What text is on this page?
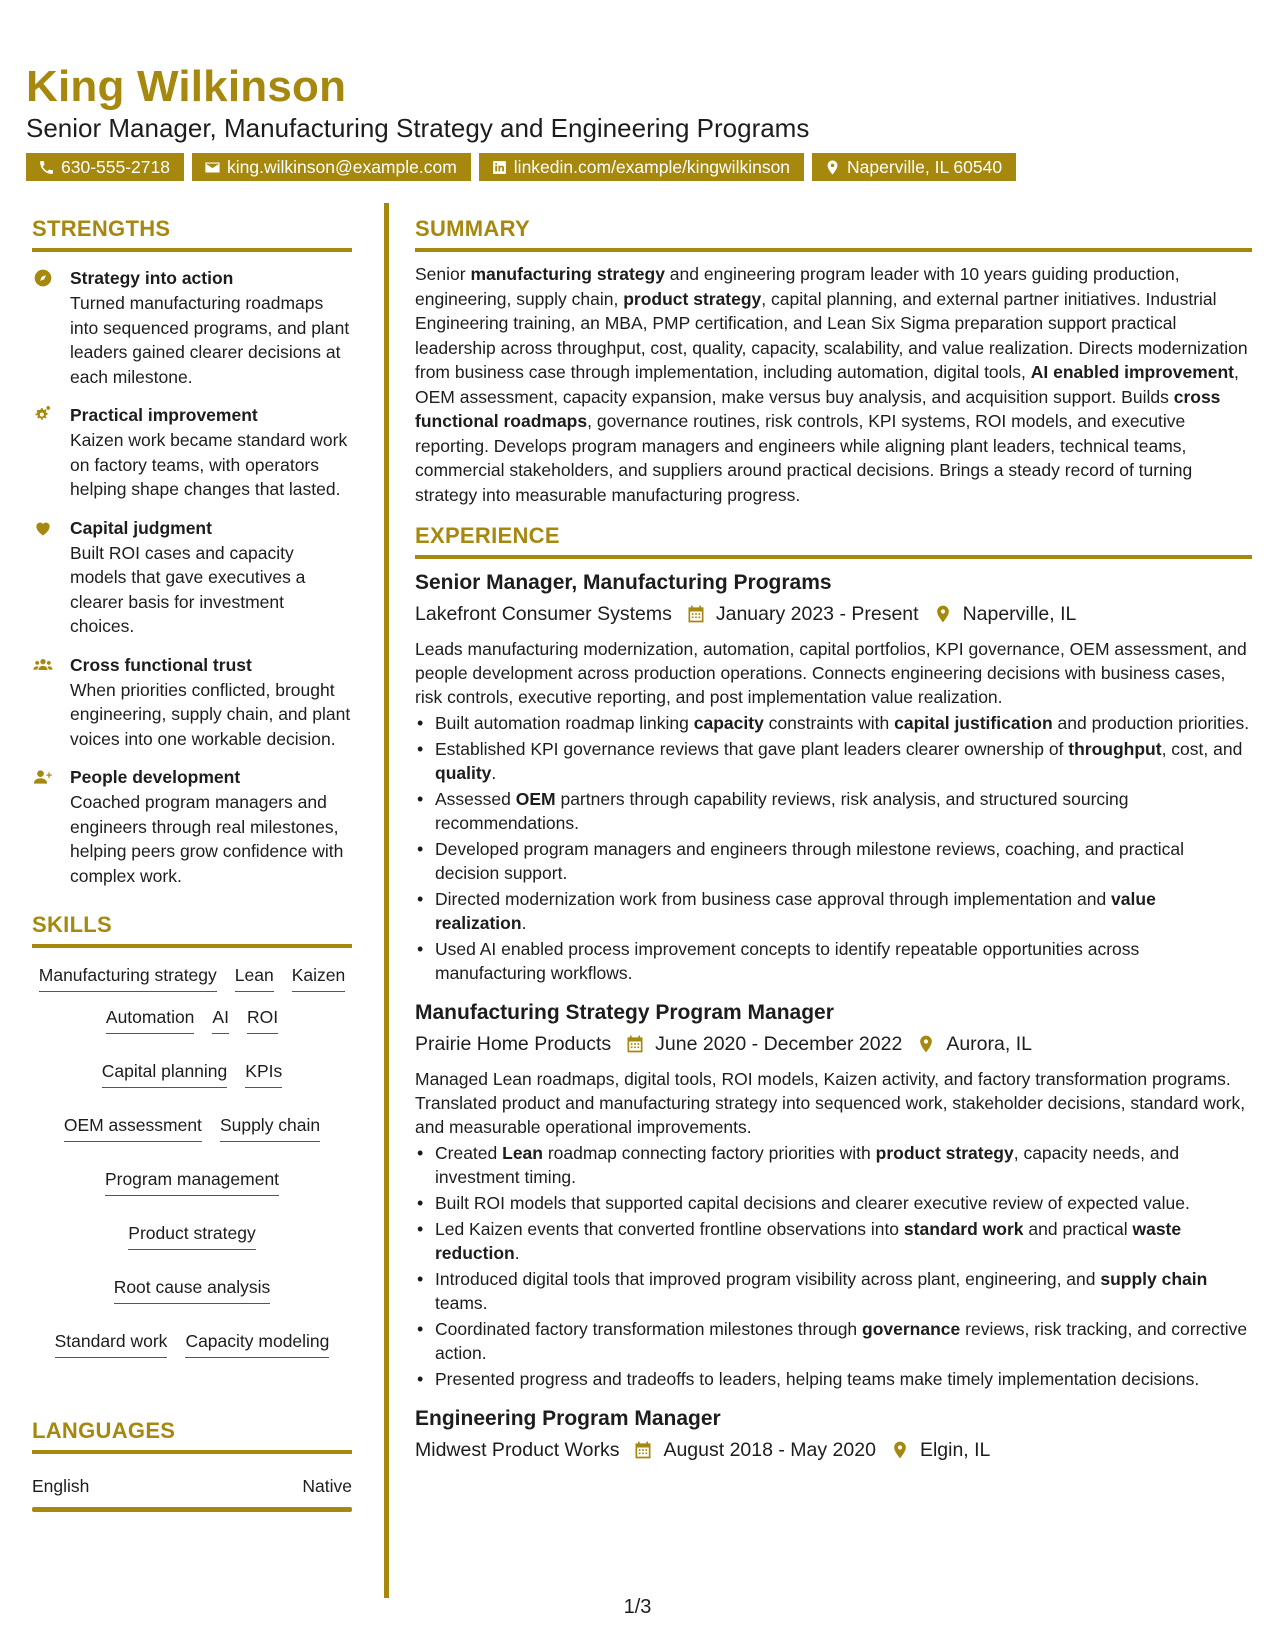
King Wilkinson
Senior Manager, Manufacturing Strategy and Engineering Programs
630-555-2718	king.wilkinson@example.com	linkedin.com/example/kingwilkinson	Naperville, IL 60540
STRENGTHS
Strategy into action
Turned manufacturing roadmaps into sequenced programs, and plant leaders gained clearer decisions at each milestone.
Practical improvement
Kaizen work became standard work on factory teams, with operators helping shape changes that lasted.
Capital judgment
Built ROI cases and capacity models that gave executives a clearer basis for investment choices.
Cross functional trust
When priorities conflicted, brought engineering, supply chain, and plant voices into one workable decision.
People development
Coached program managers and engineers through real milestones, helping peers grow confidence with complex work.
SKILLS
Manufacturing strategy Lean Kaizen
Automation AI ROI
Capital planning KPIs
OEM assessment Supply chain
Program management
Product strategy
Root cause analysis
Standard work Capacity modeling
LANGUAGES
English	Native
SUMMARY

Senior manufacturing strategy and engineering program leader with 10 years guiding production, engineering, supply chain, product strategy, capital planning, and external partner initiatives. Industrial Engineering training, an MBA, PMP certification, and Lean Six Sigma preparation support practical leadership across throughput, cost, quality, capacity, scalability, and value realization. Directs modernization from business case through implementation, including automation, digital tools, AI enabled improvement, OEM assessment, capacity expansion, make versus buy analysis, and acquisition support. Builds cross functional roadmaps, governance routines, risk controls, KPI systems, ROI models, and executive reporting. Develops program managers and engineers while aligning plant leaders, technical teams, commercial stakeholders, and suppliers around practical decisions. Brings a steady record of turning strategy into measurable manufacturing progress.

EXPERIENCE
Senior Manager, Manufacturing Programs
Lakefront Consumer Systems January 2023 - Present Naperville, IL

Leads manufacturing modernization, automation, capital portfolios, KPI governance, OEM assessment, and people development across production operations. Connects engineering decisions with business cases, risk controls, executive reporting, and post implementation value realization.

• Built automation roadmap linking capacity constraints with capital justification and production priorities.
• Established KPI governance reviews that gave plant leaders clearer ownership of throughput, cost, and quality.
• Assessed OEM partners through capability reviews, risk analysis, and structured sourcing recommendations.
• Developed program managers and engineers through milestone reviews, coaching, and practical decision support.
• Directed modernization work from business case approval through implementation and value realization.
• Used AI enabled process improvement concepts to identify repeatable opportunities across manufacturing workflows.
Manufacturing Strategy Program Manager
Prairie Home Products June 2020 - December 2022 Aurora, IL

Managed Lean roadmaps, digital tools, ROI models, Kaizen activity, and factory transformation programs. Translated product and manufacturing strategy into sequenced work, stakeholder decisions, standard work, and measurable operational improvements.

• Created Lean roadmap connecting factory priorities with product strategy, capacity needs, and investment timing.
• Built ROI models that supported capital decisions and clearer executive review of expected value.
• Led Kaizen events that converted frontline observations into standard work and practical waste reduction.
• Introduced digital tools that improved program visibility across plant, engineering, and supply chain teams.
• Coordinated factory transformation milestones through governance reviews, risk tracking, and corrective action.
• Presented progress and tradeoffs to leaders, helping teams make timely implementation decisions.
Engineering Program Manager
Midwest Product Works August 2018 - May 2020 Elgin, IL
1/3
